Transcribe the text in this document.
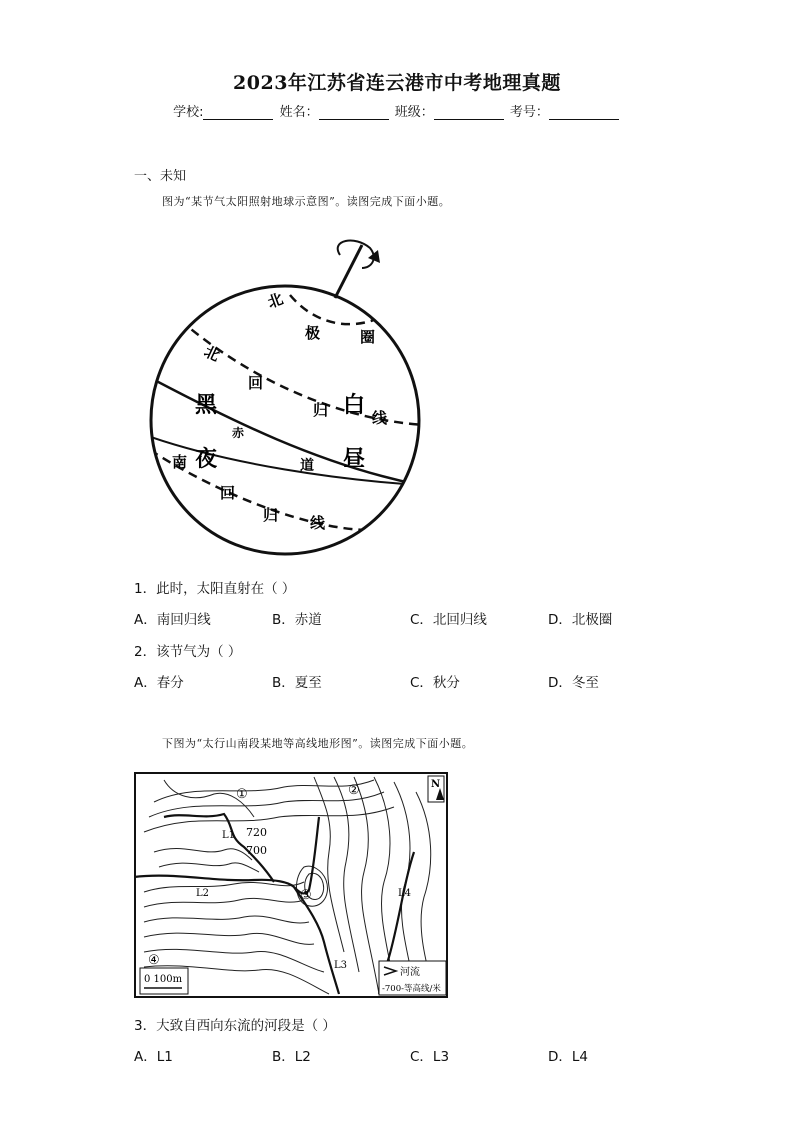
2023年江苏省连云港市中考地理真题
学校:	姓名：	班级：	考号：
一、未知
图为“某节气太阳照射地球示意图”。读图完成下面小题。
北
极	圈
北
回
归	线
赤
道
南
回
归 线
黑
夜
白
昼
1．此时，太阳直射在（ ）
A．南回归线	B．赤道	C．北回归线	D．北极圈
2．该节气为（ ）
A．春分	B．夏至	C．秋分	D．冬至
下图为“太行山南段某地等高线地形图”。读图完成下面小题。
①	②
③
④
L1
L2
L3
L4
720
700
N
0 100m
河流
-700-等高线/米
3．大致自西向东流的河段是（ ）
A．L1	B．L2	C．L3	D．L4
